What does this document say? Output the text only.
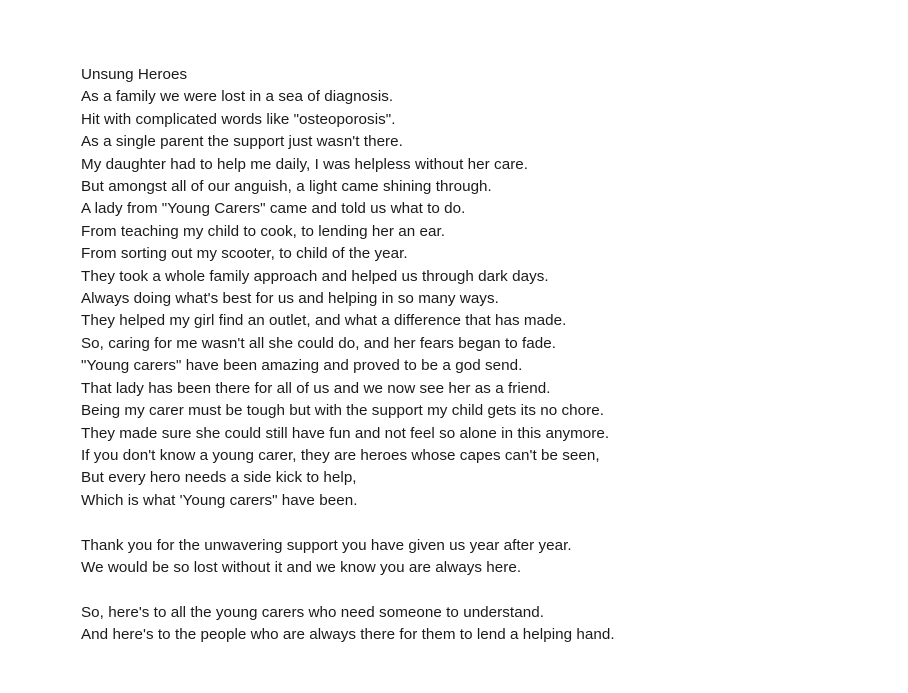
Unsung Heroes
As a family we were lost in a sea of diagnosis.
Hit with complicated words like "osteoporosis".
As a single parent the support just wasn't there.
My daughter had to help me daily, I was helpless without her care.
But amongst all of our anguish, a light came shining through.
A lady from "Young Carers" came and told us what to do.
From teaching my child to cook, to lending her an ear.
From sorting out my scooter, to child of the year.
They took a whole family approach and helped us through dark days.
Always doing what's best for us and helping in so many ways.
They helped my girl find an outlet, and what a difference that has made.
So, caring for me wasn't all she could do, and her fears began to fade.
"Young carers" have been amazing and proved to be a god send.
That lady has been there for all of us and we now see her as a friend.
Being my carer must be tough but with the support my child gets its no chore.
They made sure she could still have fun and not feel so alone in this anymore.
If you don't know a young carer, they are heroes whose capes can't be seen,
But every hero needs a side kick to help,
Which is what 'Young carers" have been.
Thank you for the unwavering support you have given us year after year.
We would be so lost without it and we know you are always here.
So, here's to all the young carers who need someone to understand.
And here's to the people who are always there for them to lend a helping hand.
